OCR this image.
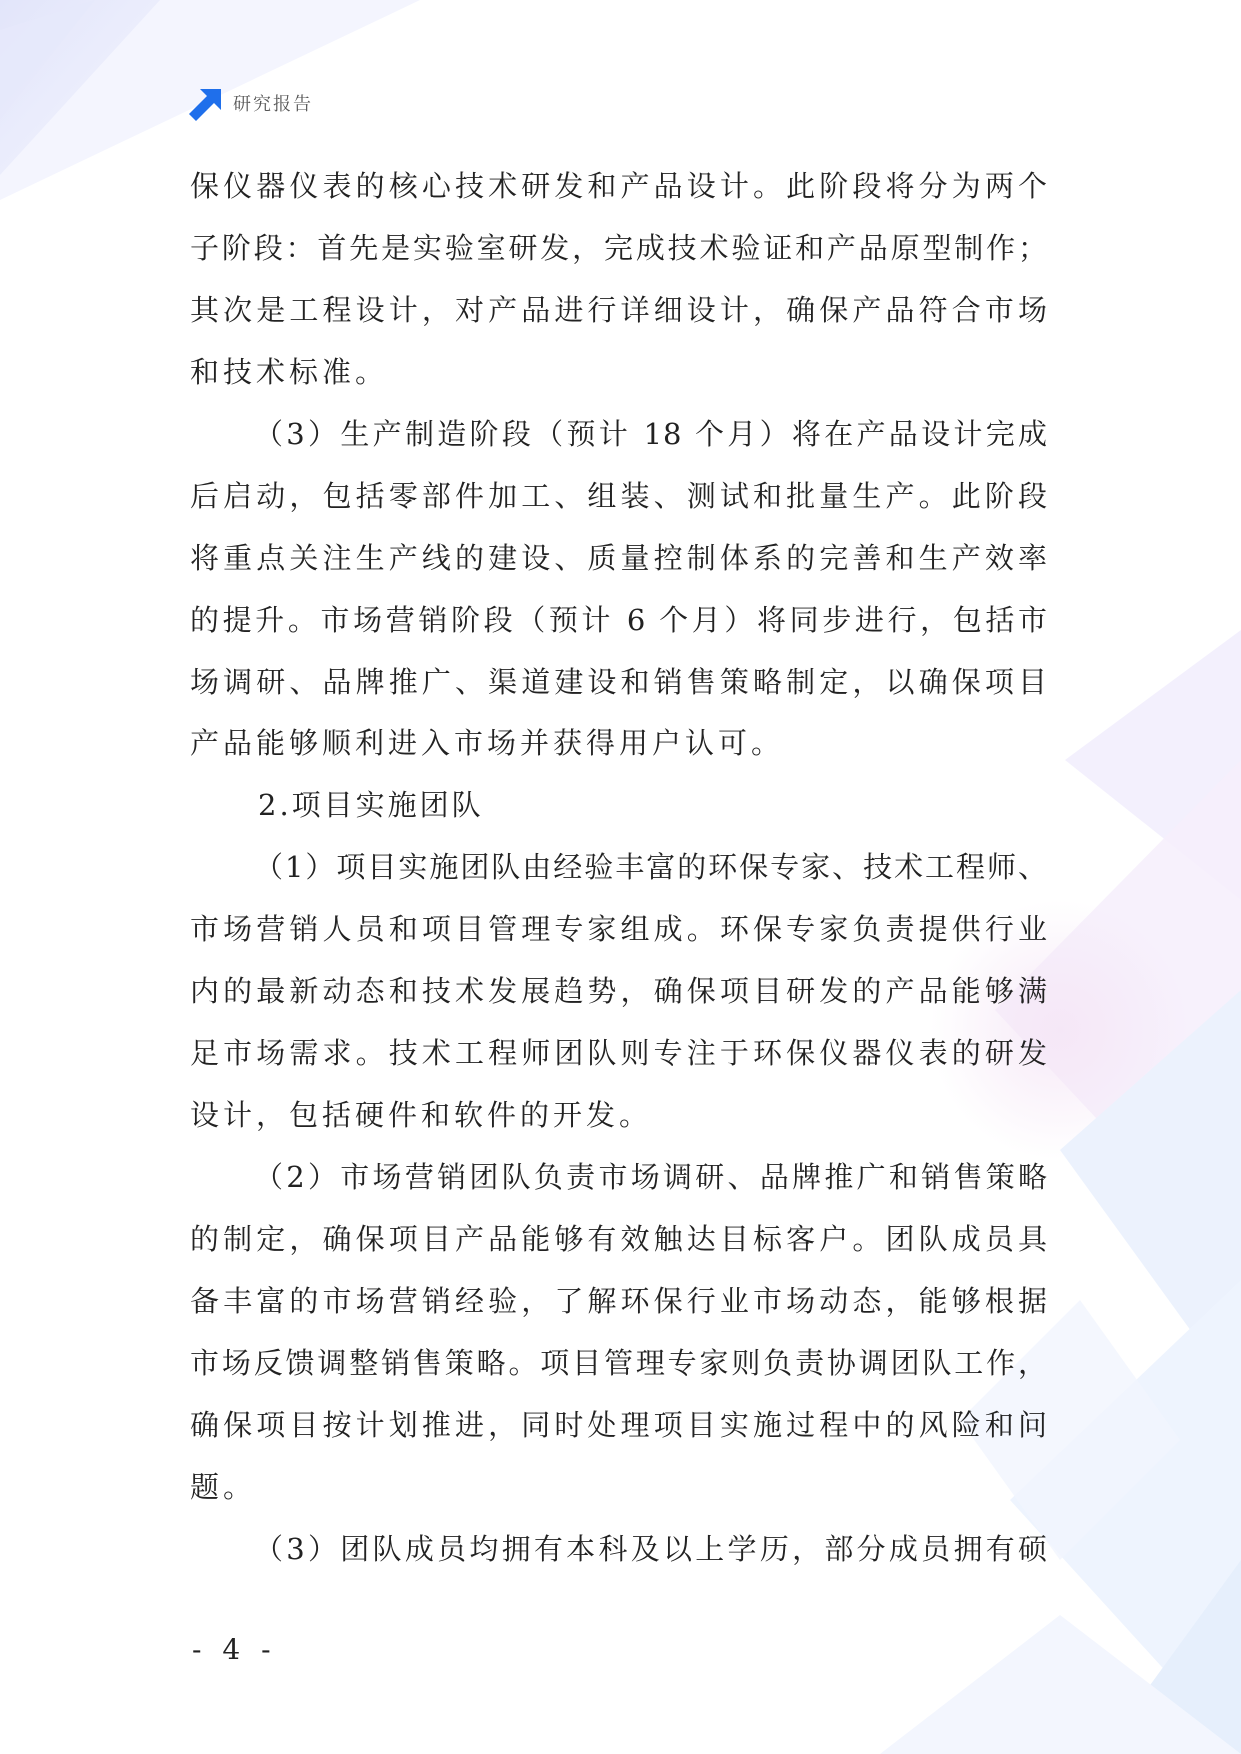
研究报告
保仪器仪表的核心技术研发和产品设计。此阶段将分为两个
子阶段：首先是实验室研发，完成技术验证和产品原型制作；
其次是工程设计，对产品进行详细设计，确保产品符合市场
和技术标准。
（3）生产制造阶段（预计 18 个月）将在产品设计完成
后启动，包括零部件加工、组装、测试和批量生产。此阶段
将重点关注生产线的建设、质量控制体系的完善和生产效率
的提升。市场营销阶段（预计 6 个月）将同步进行，包括市
场调研、品牌推广、渠道建设和销售策略制定，以确保项目
产品能够顺利进入市场并获得用户认可。
2.项目实施团队
（1）项目实施团队由经验丰富的环保专家、技术工程师、
市场营销人员和项目管理专家组成。环保专家负责提供行业
内的最新动态和技术发展趋势，确保项目研发的产品能够满
足市场需求。技术工程师团队则专注于环保仪器仪表的研发
设计，包括硬件和软件的开发。
（2）市场营销团队负责市场调研、品牌推广和销售策略
的制定，确保项目产品能够有效触达目标客户。团队成员具
备丰富的市场营销经验，了解环保行业市场动态，能够根据
市场反馈调整销售策略。项目管理专家则负责协调团队工作，
确保项目按计划推进，同时处理项目实施过程中的风险和问
题。
（3）团队成员均拥有本科及以上学历，部分成员拥有硕
- 4 -
